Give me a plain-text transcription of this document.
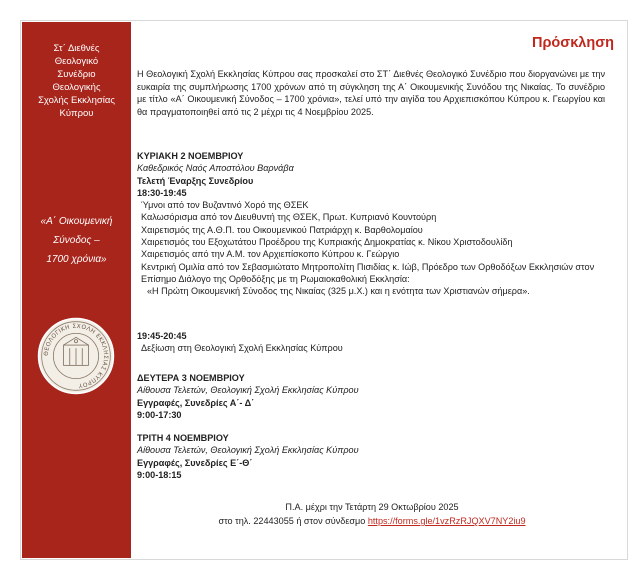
Στ΄ Διεθνές
Θεολογικό
Συνέδριο
Θεολογικής
Σχολής Εκκλησίας
Κύπρου
«Α΄ Οικουμενική
Σύνοδος –
1700 χρόνια»
ΘΕΟΛΟΓΙΚΗ ΣΧΟΛΗ ΕΚΚΛΗΣΙΑΣ ΚΥΠΡΟΥ
Πρόσκληση
Η Θεολογική Σχολή Εκκλησίας Κύπρου σας προσκαλεί στο ΣΤ΄ Διεθνές Θεολογικό Συνέδριο που διοργανώνει με την ευκαιρία της συμπλήρωσης 1700 χρόνων από τη σύγκληση της Α΄ Οικουμενικής Συνόδου της Νικαίας. Το συνέδριο με τίτλο «Α΄ Οικουμενική Σύνοδος – 1700 χρόνια», τελεί υπό την αιγίδα του Αρχιεπισκόπου Κύπρου κ. Γεωργίου και θα πραγματοποιηθεί από τις 2 μέχρι τις 4 Νοεμβρίου 2025.
ΚΥΡΙΑΚΗ 2 ΝΟΕΜΒΡΙΟΥ
Καθεδρικός Ναός Αποστόλου Βαρνάβα
Τελετή Έναρξης Συνεδρίου
18:30-19:45
Ύμνοι από τον Βυζαντινό Χορό της ΘΣΕΚ
Καλωσόρισμα από τον Διευθυντή της ΘΣΕΚ, Πρωτ. Κυπριανό Κουντούρη
Χαιρετισμός της Α.Θ.Π. του Οικουμενικού Πατριάρχη κ. Βαρθολομαίου
Χαιρετισμός του Εξοχωτάτου Προέδρου της Κυπριακής Δημοκρατίας κ. Νίκου Χριστοδουλίδη
Χαιρετισμός από την Α.Μ. τον Αρχιεπίσκοπο Κύπρου κ. Γεώργιο
Κεντρική Ομιλία από τον Σεβασμιώτατο Μητροπολίτη Πισιδίας κ. Ιώβ, Πρόεδρο των Ορθοδόξων Εκκλησιών στον Επίσημο Διάλογο της Ορθοδόξης με τη Ρωμαιοκαθολική Εκκλησία:
«Η Πρώτη Οικουμενική Σύνοδος της Νικαίας (325 μ.Χ.) και η ενότητα των Χριστιανών σήμερα».
19:45-20:45
Δεξίωση στη Θεολογική Σχολή Εκκλησίας Κύπρου
ΔΕΥΤΕΡΑ 3 ΝΟΕΜΒΡΙΟΥ
Αίθουσα Τελετών, Θεολογική Σχολή Εκκλησίας Κύπρου
Εγγραφές, Συνεδρίες Α΄- Δ΄
9:00-17:30
ΤΡΙΤΗ 4 ΝΟΕΜΒΡΙΟΥ
Αίθουσα Τελετών, Θεολογική Σχολή Εκκλησίας Κύπρου
Εγγραφές, Συνεδρίες Ε΄-Θ΄
9:00-18:15
Π.Α. μέχρι την Τετάρτη 29 Οκτωβρίου 2025
στο τηλ. 22443055 ή στον σύνδεσμο https://forms.gle/1vzRzRJQXV7NY2iu9
